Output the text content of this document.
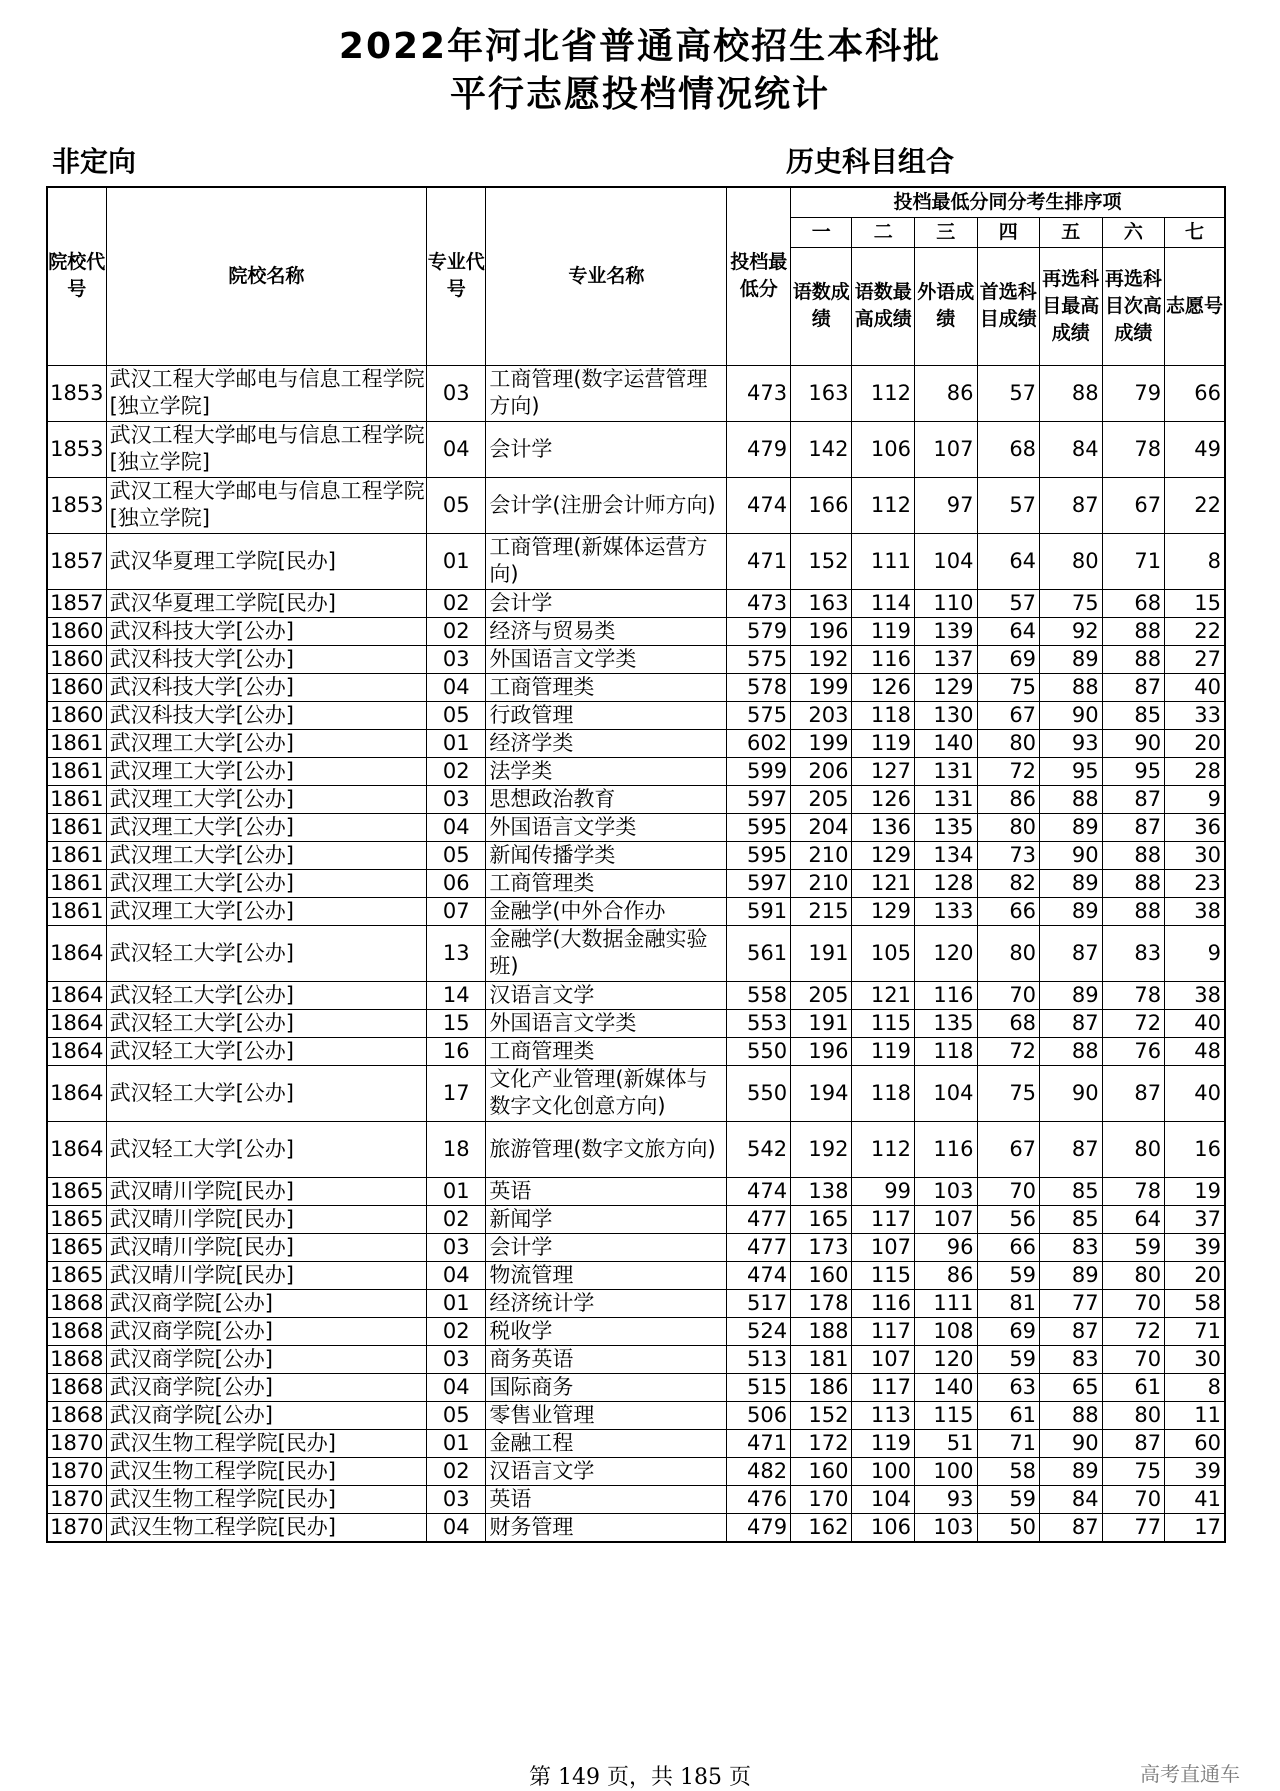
2022年河北省普通高校招生本科批
平行志愿投档情况统计
非定向	历史科目组合
院校代号	院校名称	专业代号	专业名称	投档最低分	投档最低分同分考生排序项						
					一	二	三	四	五	六	七
					语数成绩	语数最高成绩	外语成绩	首选科目成绩	再选科目最高成绩	再选科目次高成绩	志愿号
1853	武汉工程大学邮电与信息工程学院[独立学院]	03	工商管理(数字运营管理方向)	473	163	112	86	57	88	79	66
1853	武汉工程大学邮电与信息工程学院[独立学院]	04	会计学	479	142	106	107	68	84	78	49
1853	武汉工程大学邮电与信息工程学院[独立学院]	05	会计学(注册会计师方向)	474	166	112	97	57	87	67	22
1857	武汉华夏理工学院[民办]	01	工商管理(新媒体运营方向)	471	152	111	104	64	80	71	8
1857	武汉华夏理工学院[民办]	02	会计学	473	163	114	110	57	75	68	15
1860	武汉科技大学[公办]	02	经济与贸易类	579	196	119	139	64	92	88	22
1860	武汉科技大学[公办]	03	外国语言文学类	575	192	116	137	69	89	88	27
1860	武汉科技大学[公办]	04	工商管理类	578	199	126	129	75	88	87	40
1860	武汉科技大学[公办]	05	行政管理	575	203	118	130	67	90	85	33
1861	武汉理工大学[公办]	01	经济学类	602	199	119	140	80	93	90	20
1861	武汉理工大学[公办]	02	法学类	599	206	127	131	72	95	95	28
1861	武汉理工大学[公办]	03	思想政治教育	597	205	126	131	86	88	87	9
1861	武汉理工大学[公办]	04	外国语言文学类	595	204	136	135	80	89	87	36
1861	武汉理工大学[公办]	05	新闻传播学类	595	210	129	134	73	90	88	30
1861	武汉理工大学[公办]	06	工商管理类	597	210	121	128	82	89	88	23
1861	武汉理工大学[公办]	07	金融学(中外合作办	591	215	129	133	66	89	88	38
1864	武汉轻工大学[公办]	13	金融学(大数据金融实验班)	561	191	105	120	80	87	83	9
1864	武汉轻工大学[公办]	14	汉语言文学	558	205	121	116	70	89	78	38
1864	武汉轻工大学[公办]	15	外国语言文学类	553	191	115	135	68	87	72	40
1864	武汉轻工大学[公办]	16	工商管理类	550	196	119	118	72	88	76	48
1864	武汉轻工大学[公办]	17	文化产业管理(新媒体与数字文化创意方向)	550	194	118	104	75	90	87	40
1864	武汉轻工大学[公办]	18	旅游管理(数字文旅方向)	542	192	112	116	67	87	80	16
1865	武汉晴川学院[民办]	01	英语	474	138	99	103	70	85	78	19
1865	武汉晴川学院[民办]	02	新闻学	477	165	117	107	56	85	64	37
1865	武汉晴川学院[民办]	03	会计学	477	173	107	96	66	83	59	39
1865	武汉晴川学院[民办]	04	物流管理	474	160	115	86	59	89	80	20
1868	武汉商学院[公办]	01	经济统计学	517	178	116	111	81	77	70	58
1868	武汉商学院[公办]	02	税收学	524	188	117	108	69	87	72	71
1868	武汉商学院[公办]	03	商务英语	513	181	107	120	59	83	70	30
1868	武汉商学院[公办]	04	国际商务	515	186	117	140	63	65	61	8
1868	武汉商学院[公办]	05	零售业管理	506	152	113	115	61	88	80	11
1870	武汉生物工程学院[民办]	01	金融工程	471	172	119	51	71	90	87	60
1870	武汉生物工程学院[民办]	02	汉语言文学	482	160	100	100	58	89	75	39
1870	武汉生物工程学院[民办]	03	英语	476	170	104	93	59	84	70	41
1870	武汉生物工程学院[民办]	04	财务管理	479	162	106	103	50	87	77	17
第 149 页，共 185 页	高考直通车
